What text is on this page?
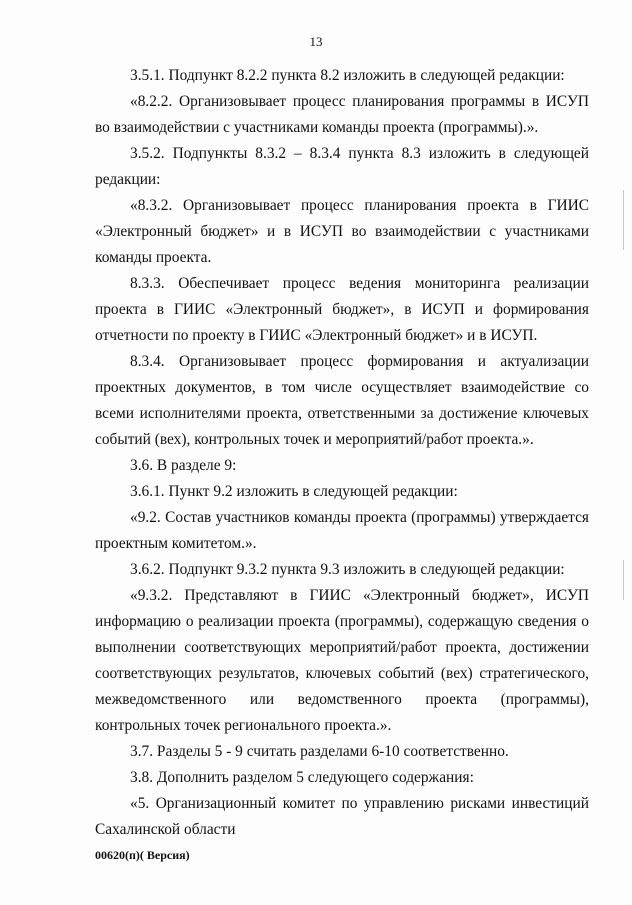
13

3.5.1. Подпункт 8.2.2 пункта 8.2 изложить в следующей редакции:

«8.2.2. Организовывает процесс планирования программы в ИСУП во взаимодействии с участниками команды проекта (программы).».

3.5.2. Подпункты 8.3.2 – 8.3.4 пункта 8.3 изложить в следующей редакции:

«8.3.2. Организовывает процесс планирования проекта в ГИИС «Электронный бюджет» и в ИСУП во взаимодействии с участниками команды проекта.

8.3.3. Обеспечивает процесс ведения мониторинга реализации проекта в ГИИС «Электронный бюджет», в ИСУП и формирования отчетности по проекту в ГИИС «Электронный бюджет» и в ИСУП.

8.3.4. Организовывает процесс формирования и актуализации проектных документов, в том числе осуществляет взаимодействие со всеми исполнителями проекта, ответственными за достижение ключевых событий (вех), контрольных точек и мероприятий/работ проекта.».

3.6. В разделе 9:

3.6.1. Пункт 9.2 изложить в следующей редакции:

«9.2. Состав участников команды проекта (программы) утверждается проектным комитетом.».

3.6.2. Подпункт 9.3.2 пункта 9.3 изложить в следующей редакции:

«9.3.2. Представляют в ГИИС «Электронный бюджет», ИСУП информацию о реализации проекта (программы), содержащую сведения о выполнении соответствующих мероприятий/работ проекта, достижении соответствующих результатов, ключевых событий (вех) стратегического, межведомственного или ведомственного проекта (программы), контрольных точек регионального проекта.».

3.7. Разделы 5 - 9 считать разделами 6-10 соответственно.

3.8. Дополнить разделом 5 следующего содержания:

«5. Организационный комитет по управлению рисками инвестиций Сахалинской области

00620(п)( Версия)
